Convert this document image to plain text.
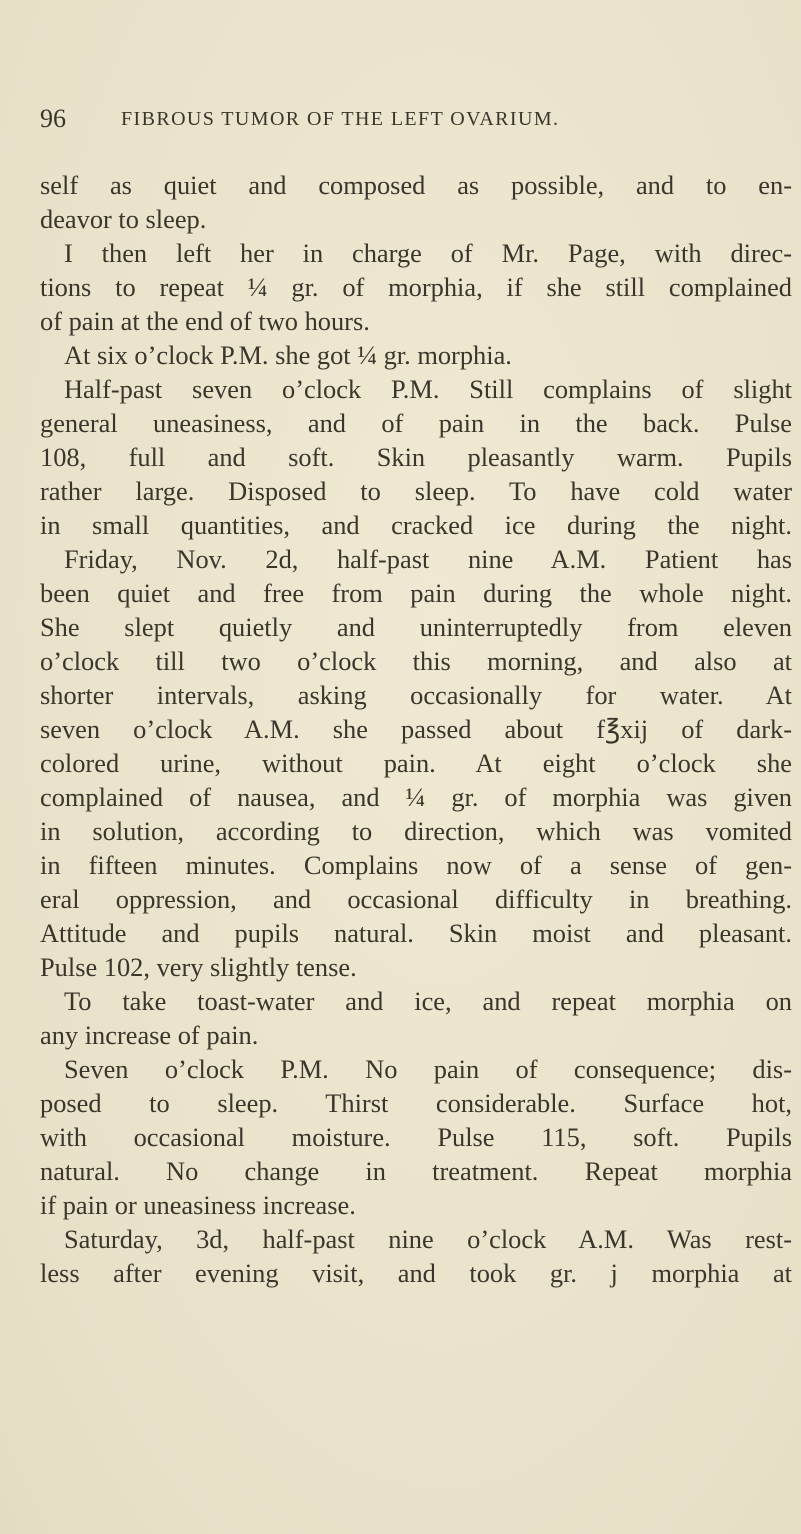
96	FIBROUS TUMOR OF THE LEFT OVARIUM.
self as quiet and composed as possible, and to en-
deavor to sleep.
I then left her in charge of Mr. Page, with direc-
tions to repeat ¼ gr. of morphia, if she still complained
of pain at the end of two hours.
At six o’clock P.M. she got ¼ gr. morphia.
Half-past seven o’clock P.M. Still complains of slight
general uneasiness, and of pain in the back. Pulse
108, full and soft. Skin pleasantly warm. Pupils
rather large. Disposed to sleep. To have cold water
in small quantities, and cracked ice during the night.
Friday, Nov. 2d, half-past nine A.M. Patient has
been quiet and free from pain during the whole night.
She slept quietly and uninterruptedly from eleven
o’clock till two o’clock this morning, and also at
shorter intervals, asking occasionally for water. At
seven o’clock A.M. she passed about f℥xij of dark-
colored urine, without pain. At eight o’clock she
complained of nausea, and ¼ gr. of morphia was given
in solution, according to direction, which was vomited
in fifteen minutes. Complains now of a sense of gen-
eral oppression, and occasional difficulty in breathing.
Attitude and pupils natural. Skin moist and pleasant.
Pulse 102, very slightly tense.
To take toast-water and ice, and repeat morphia on
any increase of pain.
Seven o’clock P.M. No pain of consequence; dis-
posed to sleep. Thirst considerable. Surface hot,
with occasional moisture. Pulse 115, soft. Pupils
natural. No change in treatment. Repeat morphia
if pain or uneasiness increase.
Saturday, 3d, half-past nine o’clock A.M. Was rest-
less after evening visit, and took gr. j morphia at
